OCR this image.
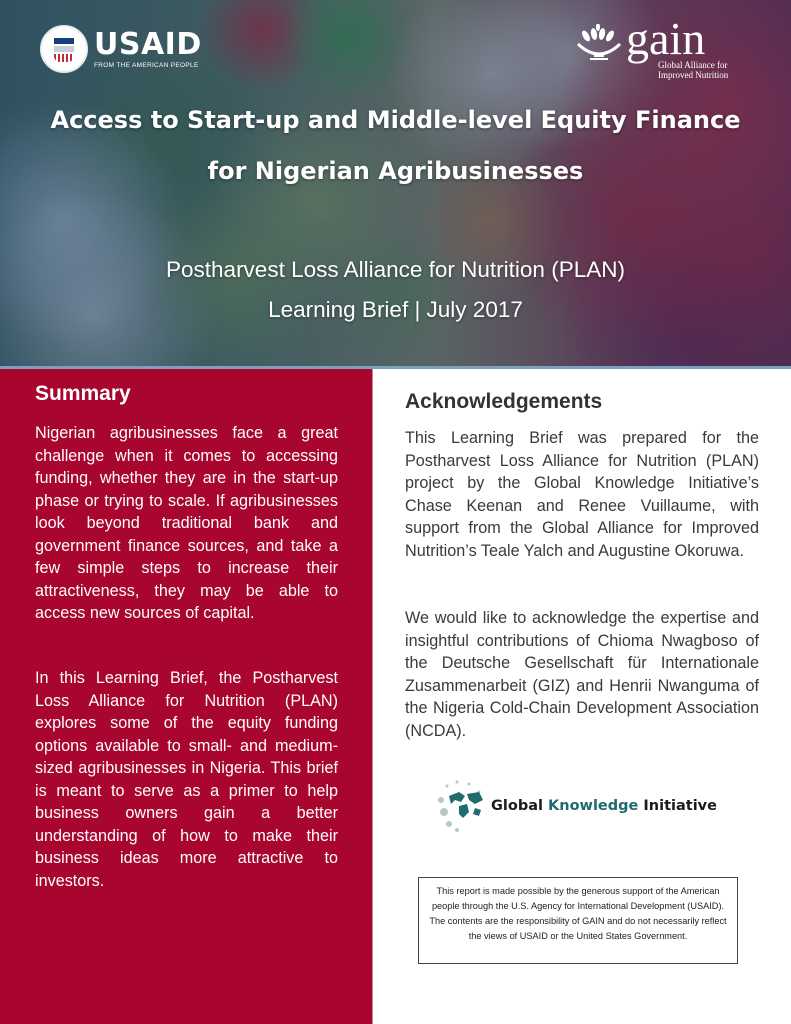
USAID
FROM THE AMERICAN PEOPLE
gain
Global Alliance for
Improved Nutrition
Access to Start-up and Middle-level Equity Finance
for Nigerian Agribusinesses
Postharvest Loss Alliance for Nutrition (PLAN)
Learning Brief | July 2017
Summary
Nigerian agribusinesses face a great challenge when it comes to accessing funding, whether they are in the start-up phase or trying to scale. If agribusinesses look beyond traditional bank and government finance sources, and take a few simple steps to increase their attractiveness, they may be able to access new sources of capital.
In this Learning Brief, the Postharvest Loss Alliance for Nutrition (PLAN) explores some of the equity funding options available to small- and medium-sized agribusinesses in Nigeria. This brief is meant to serve as a primer to help business owners gain a better understanding of how to make their business ideas more attractive to investors.
Acknowledgements
This Learning Brief was prepared for the Postharvest Loss Alliance for Nutrition (PLAN) project by the Global Knowledge Initiative’s Chase Keenan and Renee Vuillaume, with support from the Global Alliance for Improved Nutrition’s Teale Yalch and Augustine Okoruwa.
We would like to acknowledge the expertise and insightful contributions of Chioma Nwagboso of the Deutsche Gesellschaft für Internationale Zusammenarbeit (GIZ) and Henrii Nwanguma of the Nigeria Cold-Chain Development Association (NCDA).
Global Knowledge Initiative
This report is made possible by the generous support of the American people through the U.S. Agency for International Development (USAID). The contents are the responsibility of GAIN and do not necessarily reflect the views of USAID or the United States Government.
